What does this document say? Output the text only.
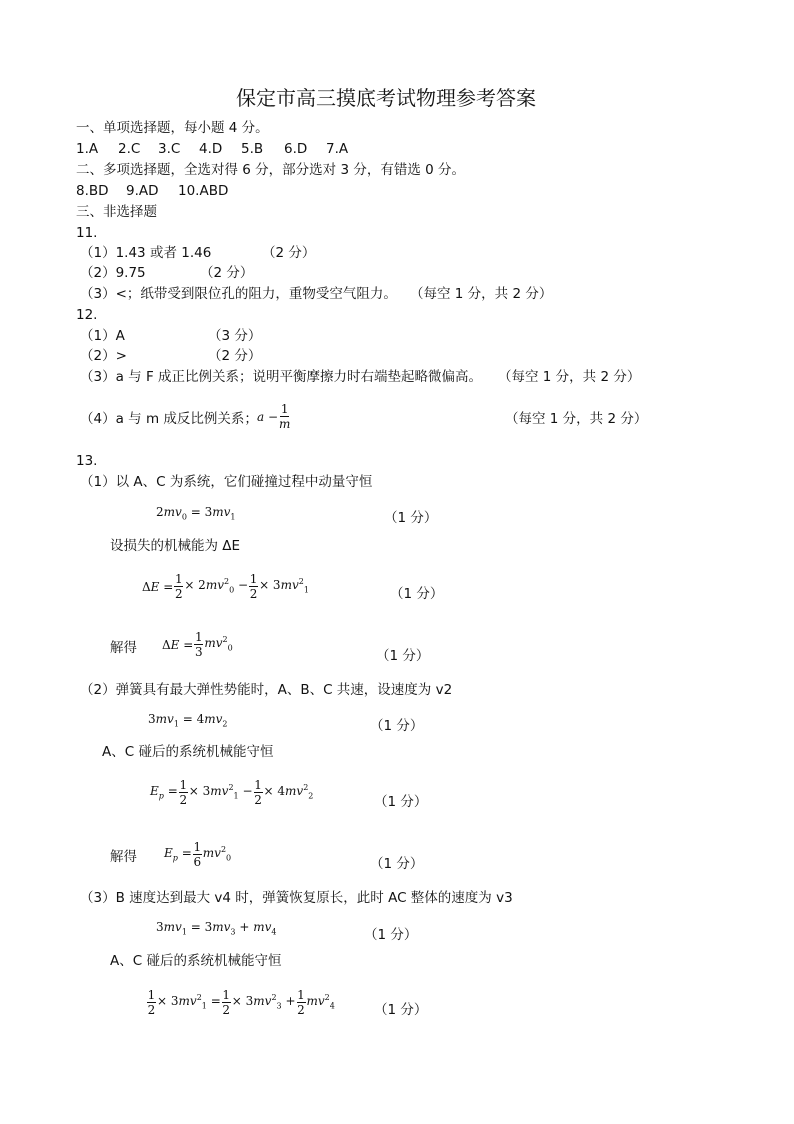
保定市高三摸底考试物理参考答案
一、单项选择题，每小题 4 分。
1.A 2.C 3.C 4.D 5.B 6.D 7.A
二、多项选择题，全选对得 6 分，部分选对 3 分，有错选 0 分。
8.BD 9.AD 10.ABD
三、非选择题
11.
（1）1.43 或者 1.46	（2 分）
（2）9.75	（2 分）
（3）<；纸带受到限位孔的阻力，重物受空气阻力。 （每空 1 分，共 2 分）
12.
（1）A	（3 分）
（2）>	（2 分）
（3）a 与 F 成正比例关系；说明平衡摩擦力时右端垫起略微偏高。 （每空 1 分，共 2 分）
（4）a 与 m 成反比例关系； $a - \frac{1}{m}$	（每空 1 分，共 2 分）
13.
（1）以 A、C 为系统，它们碰撞过程中动量守恒
$2mv_0 = 3mv_1$	（1 分）
设损失的机械能为 ΔE
$\Delta E = \frac{1}{2} \times 2mv^2_0 - \frac{1}{2} \times 3mv^2_1$	（1 分）
解得 $\Delta E = \frac{1}{3} mv^2_0$	（1 分）
（2）弹簧具有最大弹性势能时，A、B、C 共速，设速度为 v2
$3mv_1 = 4mv_2$	（1 分）
A、C 碰后的系统机械能守恒
$E_p = \frac{1}{2} \times 3mv^2_1 - \frac{1}{2} \times 4mv^2_2$	（1 分）
解得 $E_p = \frac{1}{6} mv^2_0$	（1 分）
（3）B 速度达到最大 v4 时，弹簧恢复原长，此时 AC 整体的速度为 v3
$3mv_1 = 3mv_3 + mv_4$	（1 分）
A、C 碰后的系统机械能守恒
$\frac{1}{2} \times 3mv^2_1 = \frac{1}{2} \times 3mv^2_3 + \frac{1}{2} mv^2_4$	（1 分）
